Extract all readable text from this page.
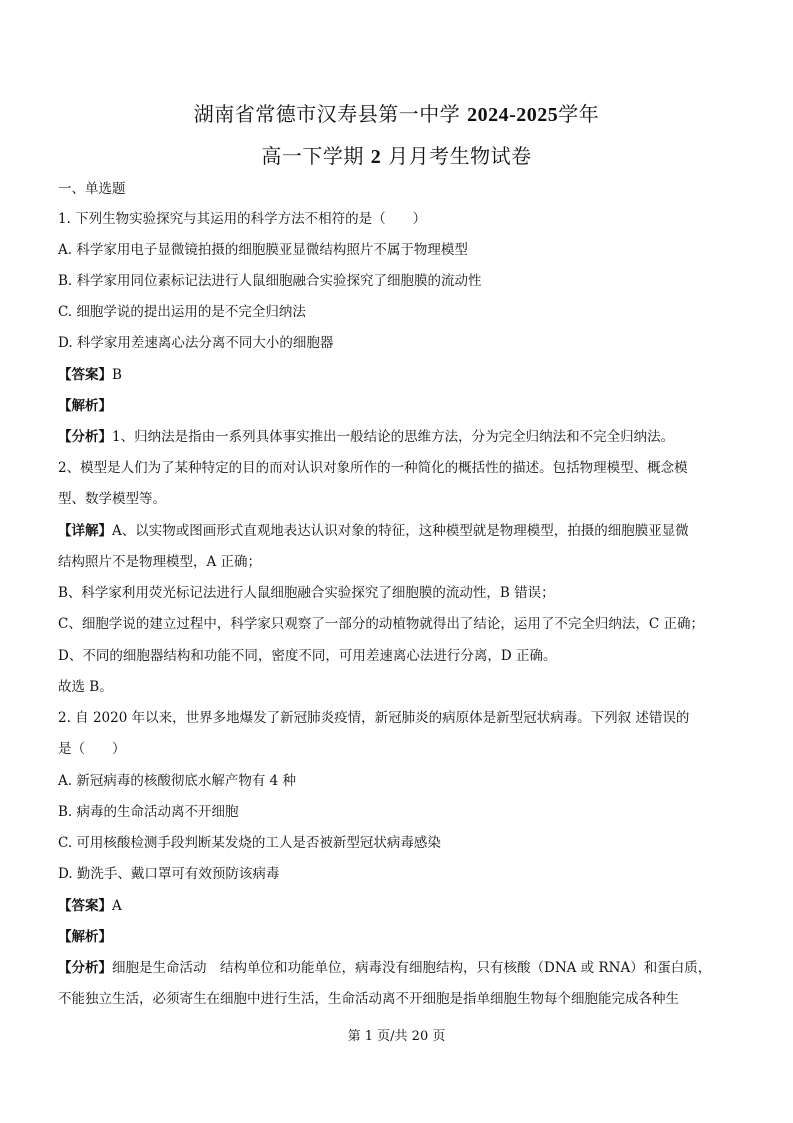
湖南省常德市汉寿县第一中学 2024-2025学年
高一下学期 2 月月考生物试卷
一、单选题
1. 下列生物实验探究与其运用的科学方法不相符的是（　　）
A. 科学家用电子显微镜拍摄的细胞膜亚显微结构照片不属于物理模型
B. 科学家用同位素标记法进行人鼠细胞融合实验探究了细胞膜的流动性
C. 细胞学说的提出运用的是不完全归纳法
D. 科学家用差速离心法分离不同大小的细胞器
【答案】B
【解析】
【分析】1、归纳法是指由一系列具体事实推出一般结论的思维方法，分为完全归纳法和不完全归纳法。
2、模型是人们为了某种特定的目的而对认识对象所作的一种简化的概括性的描述。包括物理模型、概念模
型、数学模型等。
【详解】A、以实物或图画形式直观地表达认识对象的特征，这种模型就是物理模型，拍摄的细胞膜亚显微
结构照片不是物理模型，A 正确；
B、科学家利用荧光标记法进行人鼠细胞融合实验探究了细胞膜的流动性，B 错误；
C、细胞学说的建立过程中，科学家只观察了一部分的动植物就得出了结论，运用了不完全归纳法，C 正确；
D、不同的细胞器结构和功能不同，密度不同，可用差速离心法进行分离，D 正确。
故选 B。
2. 自 2020 年以来，世界多地爆发了新冠肺炎疫情，新冠肺炎的病原体是新型冠状病毒。下列叙 述错误的
是（　　）
A. 新冠病毒的核酸彻底水解产物有 4 种
B. 病毒的生命活动离不开细胞
C. 可用核酸检测手段判断某发烧的工人是否被新型冠状病毒感染
D. 勤洗手、戴口罩可有效预防该病毒
【答案】A
【解析】
【分析】细胞是生命活动　结构单位和功能单位，病毒没有细胞结构，只有核酸（DNA 或 RNA）和蛋白质，
不能独立生活，必须寄生在细胞中进行生活，生命活动离不开细胞是指单细胞生物每个细胞能完成各种生
第 1 页/共 20 页
